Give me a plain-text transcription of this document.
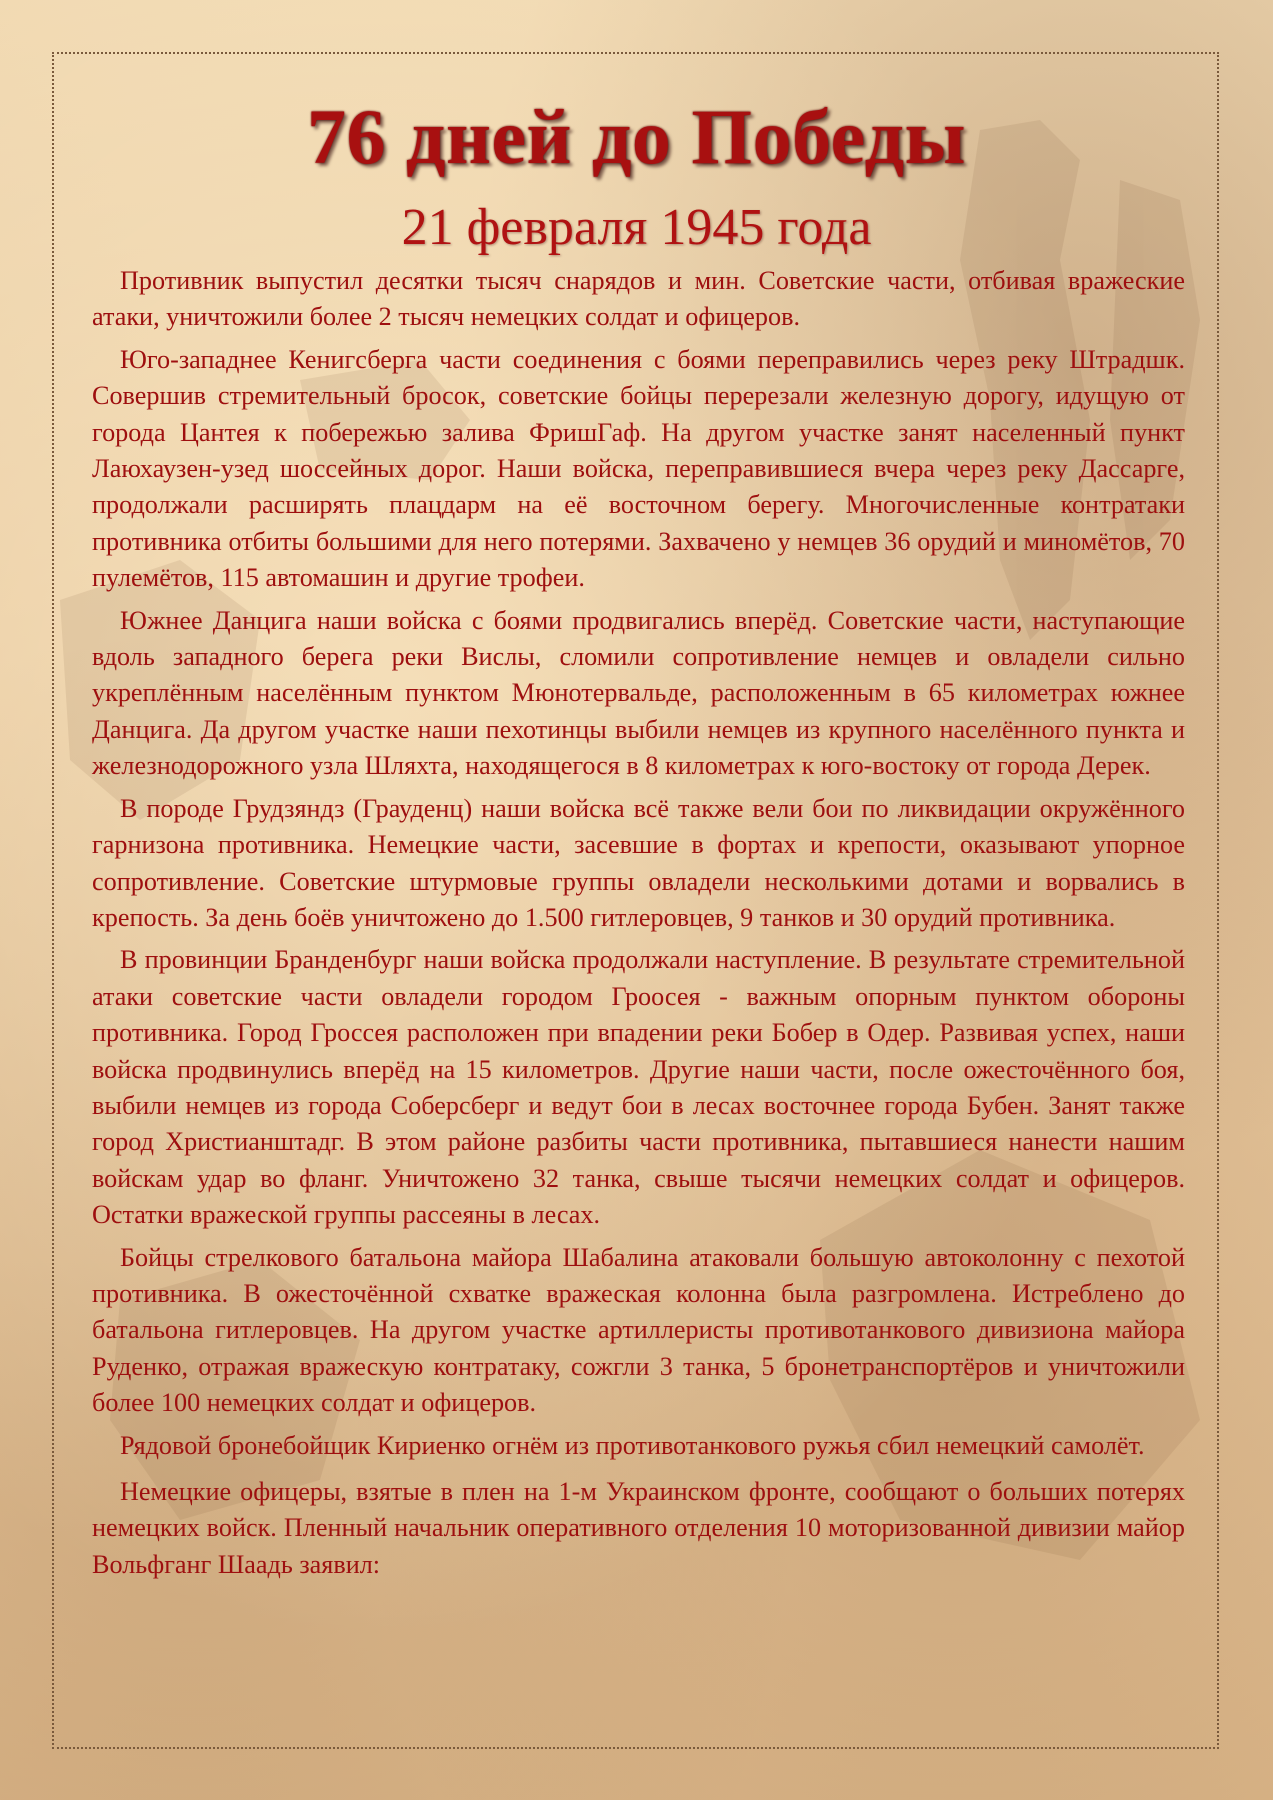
76 дней до Победы
21 февраля 1945 года

Противник выпустил десятки тысяч снарядов и мин. Советские части, отбивая вражеские атаки, уничтожили более 2 тысяч немецких солдат и офицеров.

Юго-западнее Кенигсберга части соединения с боями переправились через реку Штрадшк. Совершив стремительный бросок, советские бойцы перерезали железную дорогу, идущую от города Цантея к побережью залива ФришГаф. На другом участке занят населенный пункт Лаюхаузен-узед шоссейных дорог. Наши войска, переправившиеся вчера через реку Дассарге, продолжали расширять плацдарм на её восточном берегу. Многочисленные контратаки противника отбиты большими для него потерями. Захвачено у немцев 36 орудий и миномётов, 70 пулемётов, 115 автомашин и другие трофеи.

Южнее Данцига наши войска с боями продвигались вперёд. Советские части, наступающие вдоль западного берега реки Вислы, сломили сопротивление немцев и овладели сильно укреплённым населённым пунктом Мюнотервальде, расположенным в 65 километрах южнее Данцига. Да другом участке наши пехотинцы выбили немцев из крупного населённого пункта и железнодорожного узла Шляхта, находящегося в 8 километрах к юго-востоку от города Дерек.

В породе Грудзяндз (Грауденц) наши войска всё также вели бои по ликвидации окружённого гарнизона противника. Немецкие части, засевшие в фортах и крепости, оказывают упорное сопротивление. Советские штурмовые группы овладели несколькими дотами и ворвались в крепость. За день боёв уничтожено до 1.500 гитлеровцев, 9 танков и 30 орудий противника.

В провинции Бранденбург наши войска продолжали наступление. В результате стремительной атаки советские части овладели городом Гроосея - важным опорным пунктом обороны противника. Город Гроссея расположен при впадении реки Бобер в Одер. Развивая успех, наши войска продвинулись вперёд на 15 километров. Другие наши части, после ожесточённого боя, выбили немцев из города Соберсберг и ведут бои в лесах восточнее города Бубен. Занят также город Христианштадг. В этом районе разбиты части противника, пытавшиеся нанести нашим войскам удар во фланг. Уничтожено 32 танка, свыше тысячи немецких солдат и офицеров. Остатки вражеской группы рассеяны в лесах.

Бойцы стрелкового батальона майора Шабалина атаковали большую автоколонну с пехотой противника. В ожесточённой схватке вражеская колонна была разгромлена. Истреблено до батальона гитлеровцев. На другом участке артиллеристы противотанкового дивизиона майора Руденко, отражая вражескую контратаку, сожгли 3 танка, 5 бронетранспортёров и уничтожили более 100 немецких солдат и офицеров.

Рядовой бронебойщик Кириенко огнём из противотанкового ружья сбил немецкий самолёт.

Немецкие офицеры, взятые в плен на 1-м Украинском фронте, сообщают о больших потерях немецких войск. Пленный начальник оперативного отделения 10 моторизованной дивизии майор Вольфганг Шаадь заявил:
